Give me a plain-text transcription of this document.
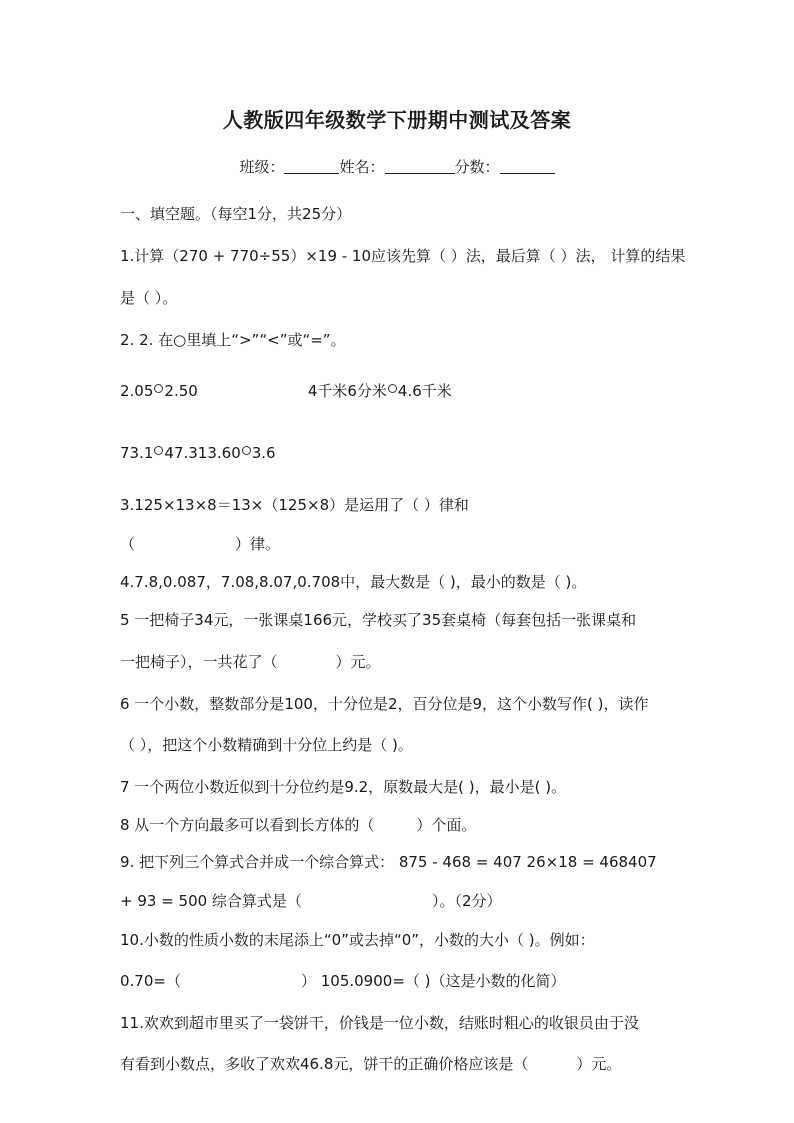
人教版四年级数学下册期中测试及答案
班级：	姓名：	分数：
一、填空题。（每空1分，共25分）
1.计算（270 + 770÷55）×19 - 10应该先算（ ）法，最后算（ ）法， 计算的结果
是（ ）。
2. 2. 在○里填上“>”“<”或“=”。
2.05 2.50	4千米6分米 4.6千米
73.1 47.313.60 3.6
3.125×13×8＝13×（125×8）是运用了（ ）律和
（	）律。
4.7.8,0.087，7.08,8.07,0.708中，最大数是（ )，最小的数是（ )。
5 一把椅子34元，一张课桌166元，学校买了35套桌椅（每套包括一张课桌和
一把椅子），一共花了（	）元。
6 一个小数，整数部分是100，十分位是2，百分位是9，这个小数写作( )，读作
（ ），把这个小数精确到十分位上约是（ )。
7 一个两位小数近似到十分位约是9.2，原数最大是( )，最小是( )。
8 从一个方向最多可以看到长方体的（	）个面。
9. 把下列三个算式合并成一个综合算式： 875 - 468 = 407 26×18 = 468407
+ 93 = 500 综合算式是（	）。（2分）
10.小数的性质小数的末尾添上“0”或去掉“0”，小数的大小（ )。例如：
0.70=（	） 105.0900=（ )（这是小数的化简）
11.欢欢到超市里买了一袋饼干，价钱是一位小数，结账时粗心的收银员由于没
有看到小数点，多收了欢欢46.8元，饼干的正确价格应该是（	）元。
